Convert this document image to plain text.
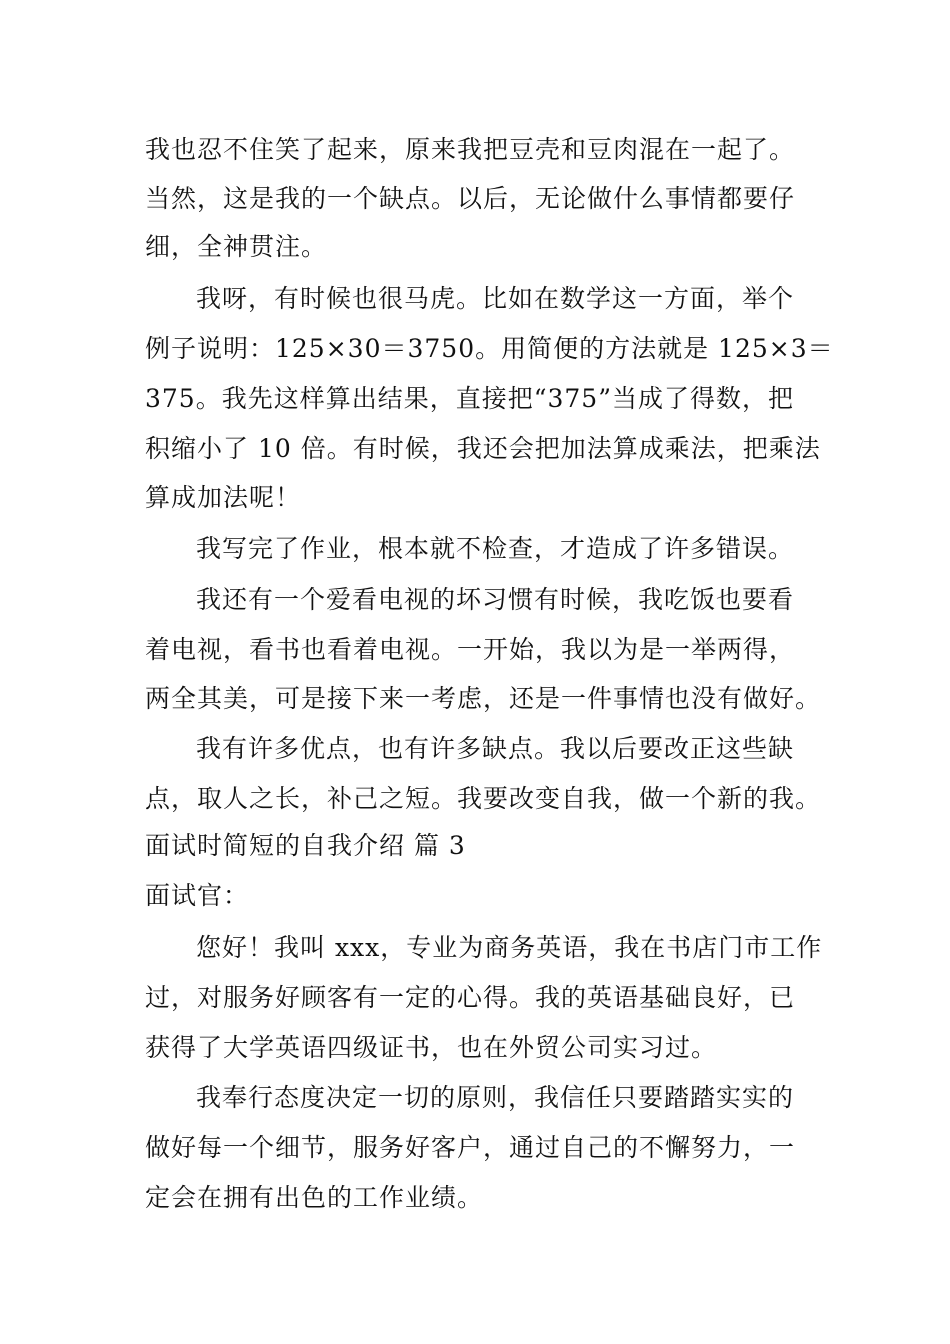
我也忍不住笑了起来，原来我把豆壳和豆肉混在一起了。
当然，这是我的一个缺点。以后，无论做什么事情都要仔
细，全神贯注。
我呀，有时候也很马虎。比如在数学这一方面，举个
例子说明：125×30＝3750。用简便的方法就是 125×3＝
375。我先这样算出结果，直接把“375”当成了得数，把
积缩小了 10 倍。有时候，我还会把加法算成乘法，把乘法
算成加法呢！
我写完了作业，根本就不检查，才造成了许多错误。
我还有一个爱看电视的坏习惯有时候，我吃饭也要看
着电视，看书也看着电视。一开始，我以为是一举两得，
两全其美，可是接下来一考虑，还是一件事情也没有做好。
我有许多优点，也有许多缺点。我以后要改正这些缺
点，取人之长，补己之短。我要改变自我，做一个新的我。
面试时简短的自我介绍 篇 3
面试官：
您好！我叫 xxx，专业为商务英语，我在书店门市工作
过，对服务好顾客有一定的心得。我的英语基础良好，已
获得了大学英语四级证书，也在外贸公司实习过。
我奉行态度决定一切的原则，我信任只要踏踏实实的
做好每一个细节，服务好客户，通过自己的不懈努力，一
定会在拥有出色的工作业绩。
